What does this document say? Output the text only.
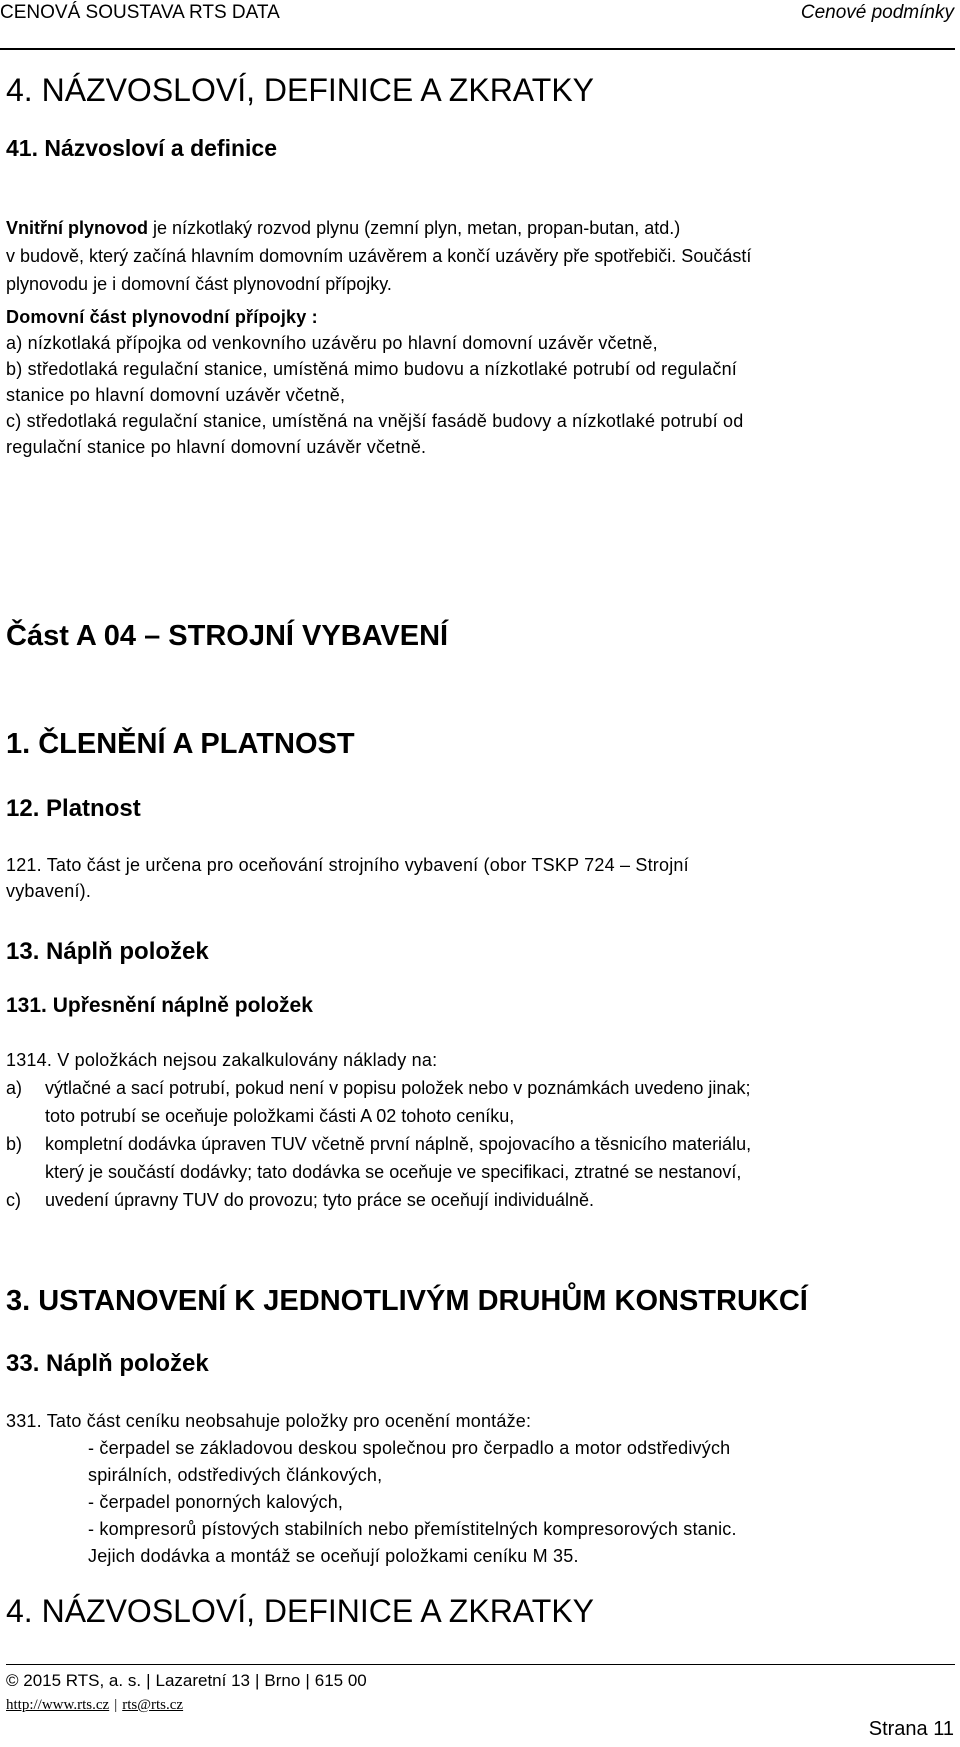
CENOVÁ SOUSTAVA RTS DATA	Cenové podmínky
4. NÁZVOSLOVÍ, DEFINICE A ZKRATKY
41. Názvosloví a definice
Vnitřní plynovod je nízkotlaký rozvod plynu (zemní plyn, metan, propan-butan, atd.)
v budově, který začíná hlavním domovním uzávěrem a končí uzávěry pře spotřebiči. Součástí
plynovodu je i domovní část plynovodní přípojky.
Domovní část plynovodní přípojky :
a) nízkotlaká přípojka od venkovního uzávěru po hlavní domovní uzávěr včetně,
b) středotlaká regulační stanice, umístěná mimo budovu a nízkotlaké potrubí od regulační
stanice po hlavní domovní uzávěr včetně,
c) středotlaká regulační stanice, umístěná na vnější fasádě budovy a nízkotlaké potrubí od
regulační stanice po hlavní domovní uzávěr včetně.
Část A 04 – STROJNÍ VYBAVENÍ
1. ČLENĚNÍ A PLATNOST
12. Platnost
121. Tato část je určena pro oceňování strojního vybavení (obor TSKP 724 – Strojní
vybavení).
13. Náplň položek
131. Upřesnění náplně položek
1314. V položkách nejsou zakalkulovány náklady na:
a) výtlačné a sací potrubí, pokud není v popisu položek nebo v poznámkách uvedeno jinak;
toto potrubí se oceňuje položkami části A 02 tohoto ceníku,
b) kompletní dodávka úpraven TUV včetně první náplně, spojovacího a těsnicího materiálu,
který je součástí dodávky; tato dodávka se oceňuje ve specifikaci, ztratné se nestanoví,
c) uvedení úpravny TUV do provozu; tyto práce se oceňují individuálně.
3. USTANOVENÍ K JEDNOTLIVÝM DRUHŮM KONSTRUKCÍ
33. Náplň položek
331. Tato část ceníku neobsahuje položky pro ocenění montáže:
- čerpadel se základovou deskou společnou pro čerpadlo a motor odstředivých
spirálních, odstředivých článkových,
- čerpadel ponorných kalových,
- kompresorů pístových stabilních nebo přemístitelných kompresorových stanic.
Jejich dodávka a montáž se oceňují položkami ceníku M 35.
4. NÁZVOSLOVÍ, DEFINICE A ZKRATKY
© 2015 RTS, a. s. | Lazaretní 13 | Brno | 615 00
http://www.rts.cz | rts@rts.cz
Strana 11
